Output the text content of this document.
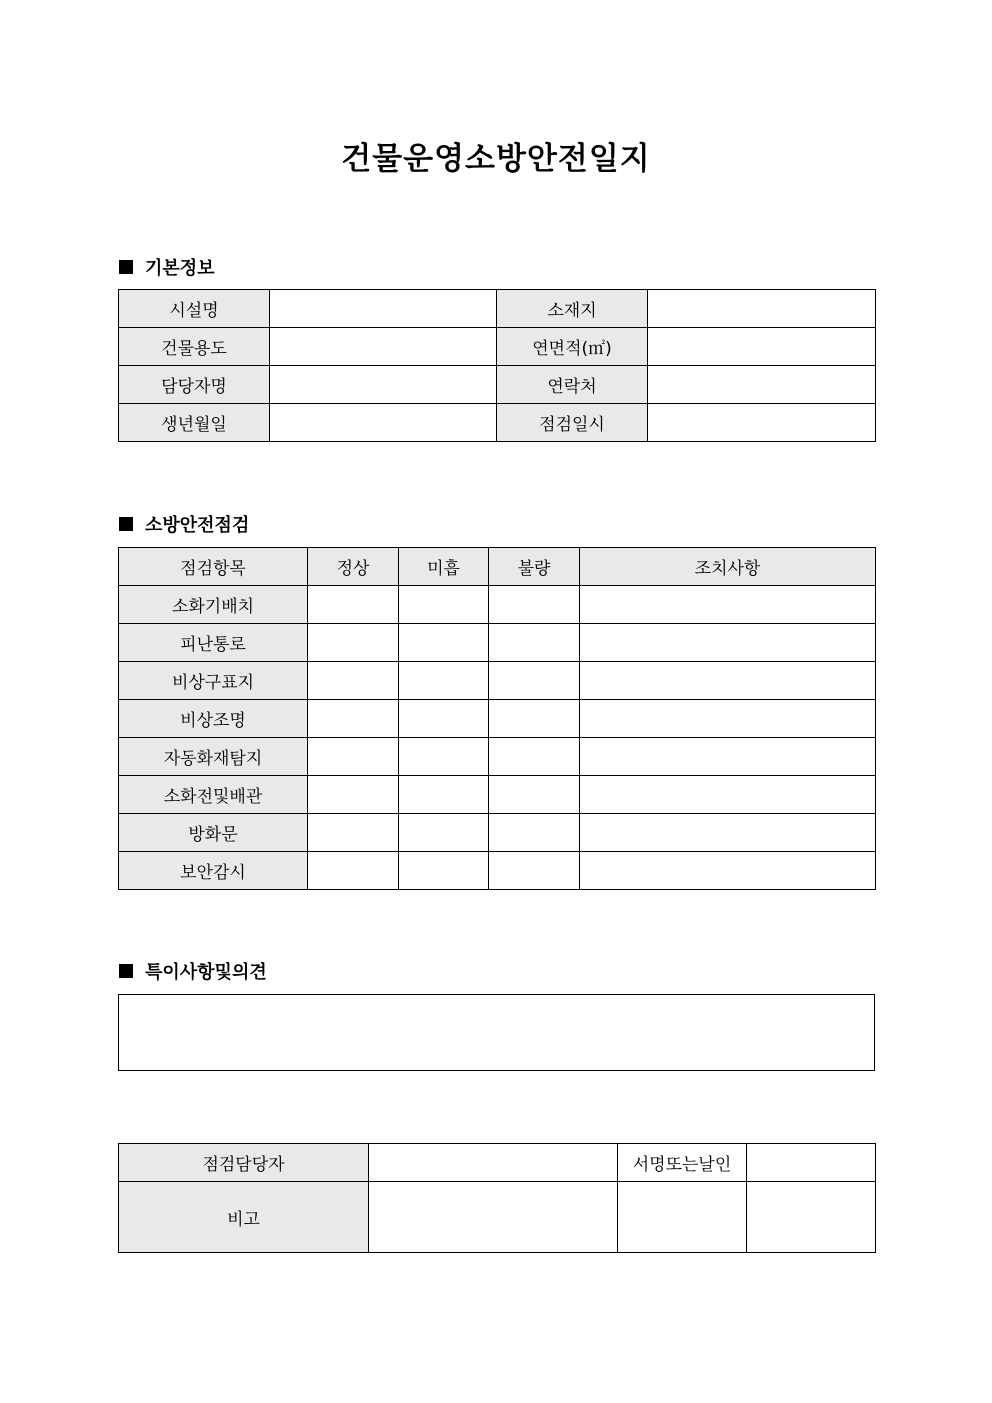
건물운영소방안전일지
기본정보
시설명		소재지	
건물용도		연면적(㎡)	
담당자명		연락처	
생년월일		점검일시	
소방안전점검
점검항목	정상	미흡	불량	조치사항
소화기배치				
피난통로				
비상구표지				
비상조명				
자동화재탐지				
소화전및배관				
방화문				
보안감시				
특이사항및의견
점검담당자		서명또는날인	
비고			
